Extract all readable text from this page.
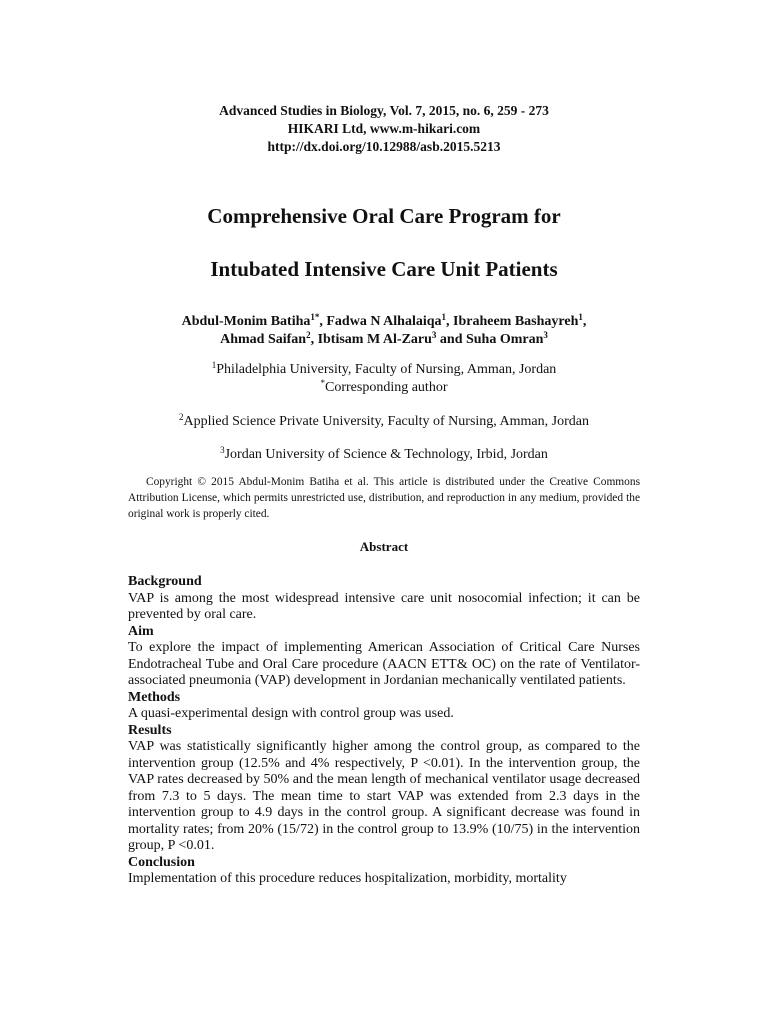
Advanced Studies in Biology, Vol. 7, 2015, no. 6, 259 - 273
HIKARI Ltd, www.m-hikari.com
http://dx.doi.org/10.12988/asb.2015.5213
Comprehensive Oral Care Program for
Intubated Intensive Care Unit Patients
Abdul-Monim Batiha$^{1*}$, Fadwa N Alhalaiqa$^1$, Ibraheem Bashayreh$^1$,
Ahmad Saifan$^2$, Ibtisam M Al-Zaru$^3$ and Suha Omran$^3$
$^1$Philadelphia University, Faculty of Nursing, Amman, Jordan
*Corresponding author
$^2$Applied Science Private University, Faculty of Nursing, Amman, Jordan
$^3$Jordan University of Science & Technology, Irbid, Jordan

Copyright © 2015 Abdul-Monim Batiha et al. This article is distributed under the Creative Commons Attribution License, which permits unrestricted use, distribution, and reproduction in any medium, provided the original work is properly cited.

Abstract
Background

VAP is among the most widespread intensive care unit nosocomial infection; it can be prevented by oral care.

Aim

To explore the impact of implementing American Association of Critical Care Nurses Endotracheal Tube and Oral Care procedure (AACN ETT& OC) on the rate of Ventilator-associated pneumonia (VAP) development in Jordanian mechanically ventilated patients.

Methods

A quasi-experimental design with control group was used.

Results

VAP was statistically significantly higher among the control group, as compared to the intervention group (12.5% and 4% respectively, P <0.01). In the intervention group, the VAP rates decreased by 50% and the mean length of mechanical ventilator usage decreased from 7.3 to 5 days. The mean time to start VAP was extended from 2.3 days in the intervention group to 4.9 days in the control group. A significant decrease was found in mortality rates; from 20% (15/72) in the control group to 13.9% (10/75) in the intervention group, P <0.01.

Conclusion

Implementation of this procedure reduces hospitalization, morbidity, mortality
